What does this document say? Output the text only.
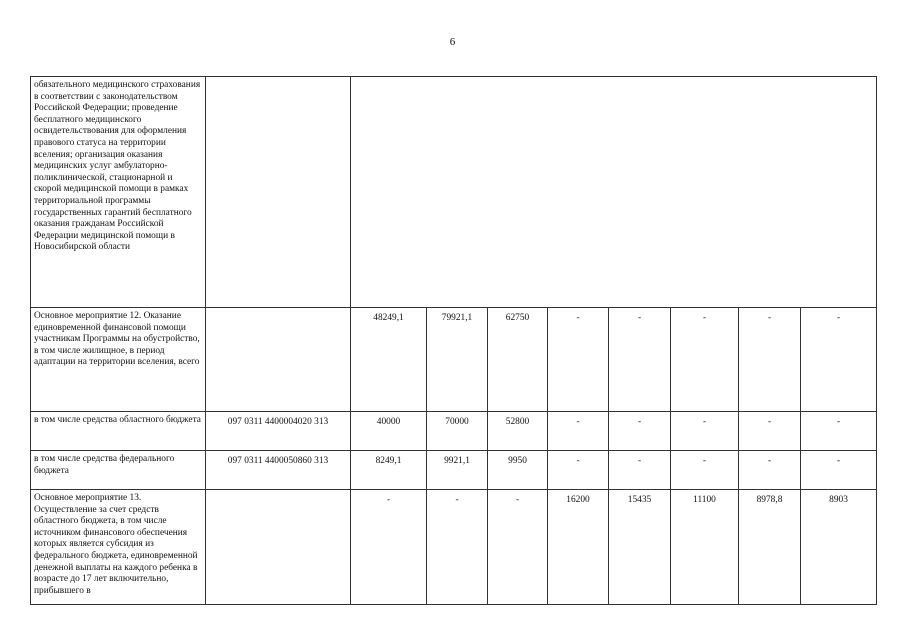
6
обязательного медицинского страхования в соответствии с законодательством Российской Федерации; проведение бесплатного медицинского освидетельствования для оформления правового статуса на территории вселения; организация оказания медицинских услуг амбулаторно-поликлинической, стационарной и скорой медицинской помощи в рамках территориальной программы государственных гарантий бесплатного оказания гражданам Российской Федерации медицинской помощи в Новосибирской области									
Основное мероприятие 12. Оказание единовременной финансовой помощи участникам Программы на обустройство, в том числе жилищное, в период адаптации на территории вселения, всего		48249,1	79921,1	62750	-	-	-	-	-
в том числе средства областного бюджета	097 0311 4400004020 313	40000	70000	52800	-	-	-	-	-
в том числе средства федерального бюджета	097 0311 4400050860 313	8249,1	9921,1	9950	-	-	-	-	-
Основное мероприятие 13. Осуществление за счет средств областного бюджета, в том числе источником финансового обеспечения которых является субсидия из федерального бюджета, единовременной денежной выплаты на каждого ребенка в возрасте до 17 лет включительно, прибывшего в		-	-	-	16200	15435	11100	8978,8	8903
